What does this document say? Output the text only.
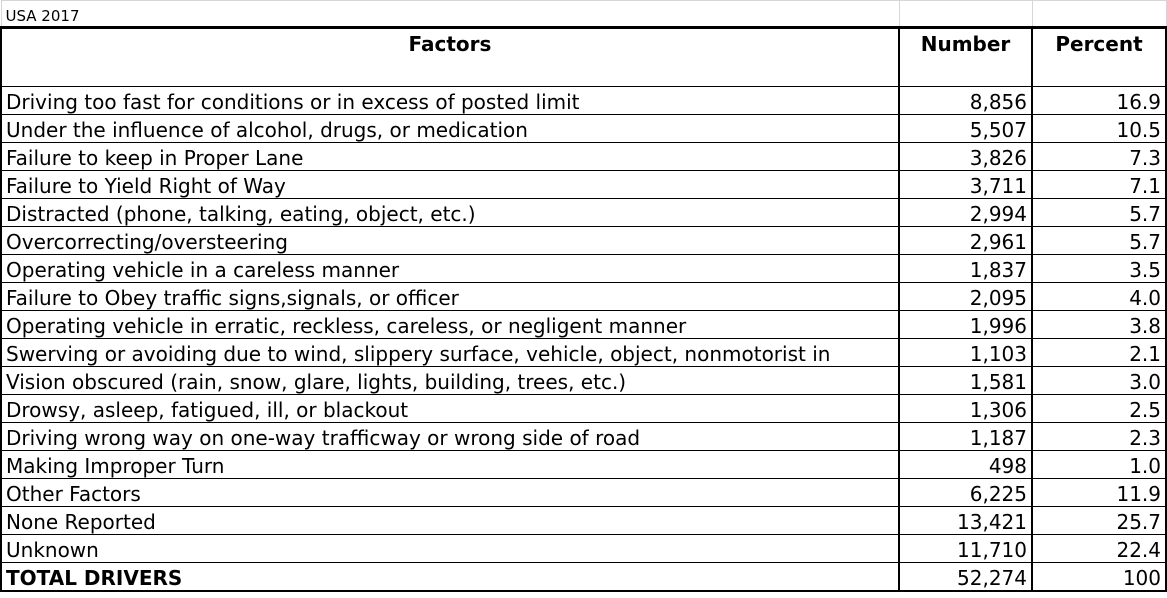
USA 2017		
Factors	Number	Percent

Driving too fast for conditions or in excess of posted limit	8,856	16.9
Under the influence of alcohol, drugs, or medication	5,507	10.5
Failure to keep in Proper Lane	3,826	7.3
Failure to Yield Right of Way	3,711	7.1
Distracted (phone, talking, eating, object, etc.)	2,994	5.7
Overcorrecting/oversteering	2,961	5.7
Operating vehicle in a careless manner	1,837	3.5
Failure to Obey traffic signs,signals, or officer	2,095	4.0
Operating vehicle in erratic, reckless, careless, or negligent manner	1,996	3.8
Swerving or avoiding due to wind, slippery surface, vehicle, object, nonmotorist in	1,103	2.1
Vision obscured (rain, snow, glare, lights, building, trees, etc.)	1,581	3.0
Drowsy, asleep, fatigued, ill, or blackout	1,306	2.5
Driving wrong way on one-way trafficway or wrong side of road	1,187	2.3
Making Improper Turn	498	1.0
Other Factors	6,225	11.9
None Reported	13,421	25.7
Unknown	11,710	22.4
TOTAL DRIVERS	52,274	100
